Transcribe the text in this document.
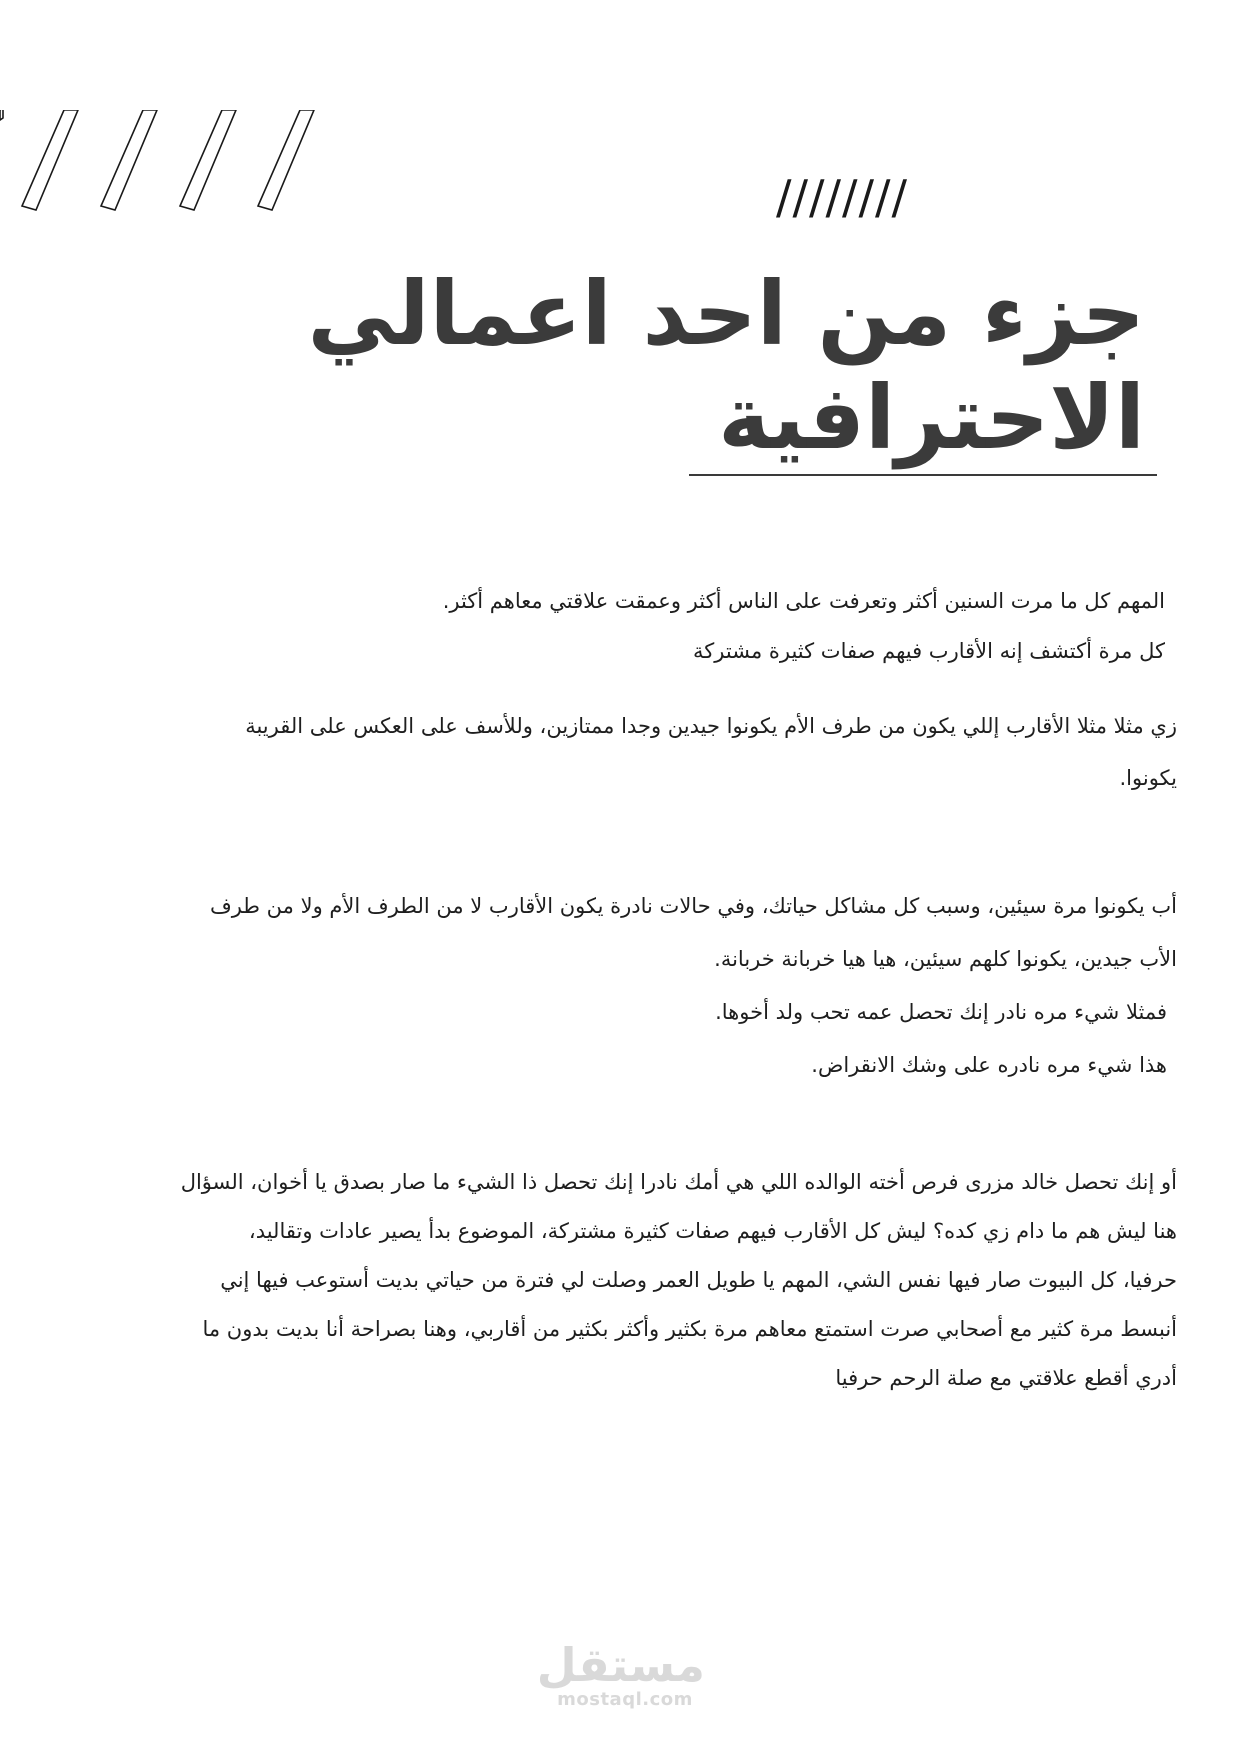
////////
جزء من احد اعمالي
الاحترافية
المهم كل ما مرت السنين أكثر وتعرفت على الناس أكثر وعمقت علاقتي معاهم أكثر.
كل مرة أكتشف إنه الأقارب فيهم صفات كثيرة مشتركة
زي مثلا مثلا الأقارب إللي يكون من طرف الأم يكونوا جيدين وجدا ممتازين، وللأسف على العكس على القريبة
يكونوا.
أب يكونوا مرة سيئين، وسبب كل مشاكل حياتك، وفي حالات نادرة يكون الأقارب لا من الطرف الأم ولا من طرف
الأب جيدين، يكونوا كلهم سيئين، هيا هيا خربانة خربانة.
فمثلا شيء مره نادر إنك تحصل عمه تحب ولد أخوها.
هذا شيء مره نادره على وشك الانقراض.
أو إنك تحصل خالد مزرى فرص أخته الوالده اللي هي أمك نادرا إنك تحصل ذا الشيء ما صار بصدق يا أخوان، السؤال
هنا ليش هم ما دام زي كده؟ ليش كل الأقارب فيهم صفات كثيرة مشتركة، الموضوع بدأ يصير عادات وتقاليد،
حرفيا، كل البيوت صار فيها نفس الشي، المهم يا طويل العمر وصلت لي فترة من حياتي بديت أستوعب فيها إني
أنبسط مرة كثير مع أصحابي صرت استمتع معاهم مرة بكثير وأكثر بكثير من أقاربي، وهنا بصراحة أنا بديت بدون ما
أدري أقطع علاقتي مع صلة الرحم حرفيا
مستقل
mostaql.com
